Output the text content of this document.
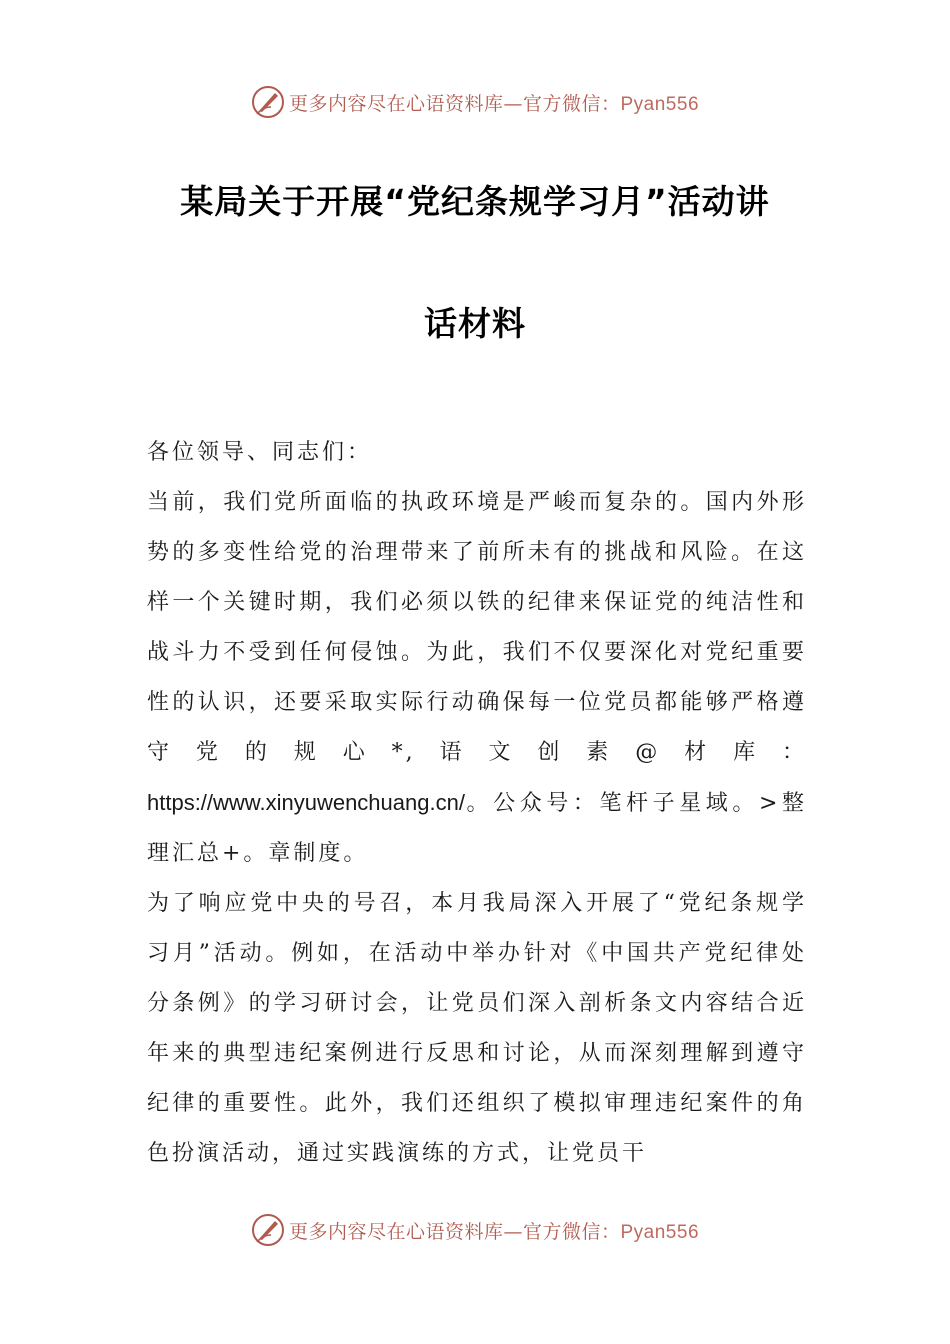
更多内容尽在心语资料库—官方微信：Pyan556
某局关于开展“党纪条规学习月”活动讲
话材料

各位领导、同志们：

当前，我们党所面临的执政环境是严峻而复杂的。国内外形势的多变性给党的治理带来了前所未有的挑战和风险。在这样一个关键时期，我们必须以铁的纪律来保证党的纯洁性和战斗力不受到任何侵蚀。为此，我们不仅要深化对党纪重要性的认识，还要采取实际行动确保每一位党员都能够严格遵守党的规心*,语文创素@材库：https://www.xinyuwenchuang.cn/。公众号：笔杆子星域。>整理汇总+。章制度。

为了响应党中央的号召，本月我局深入开展了“党纪条规学习月”活动。例如，在活动中举办针对《中国共产党纪律处分条例》的学习研讨会，让党员们深入剖析条文内容结合近年来的典型违纪案例进行反思和讨论，从而深刻理解到遵守纪律的重要性。此外，我们还组织了模拟审理违纪案件的角色扮演活动，通过实践演练的方式，让党员干

更多内容尽在心语资料库—官方微信：Pyan556
